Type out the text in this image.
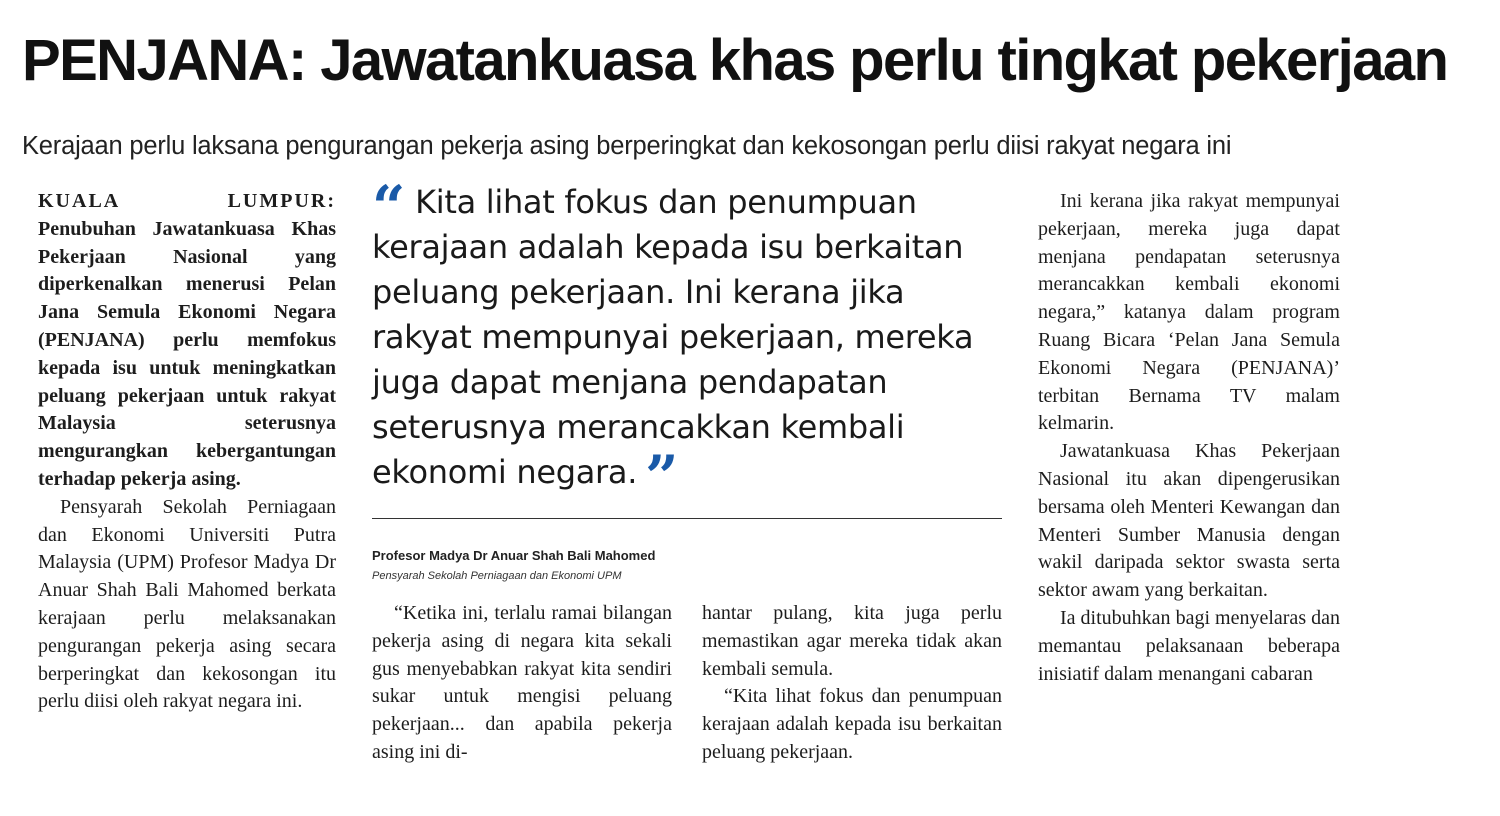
PENJANA: Jawatankuasa khas perlu tingkat pekerjaan
Kerajaan perlu laksana pengurangan pekerja asing berperingkat dan kekosongan perlu diisi rakyat negara ini

KUALA LUMPUR: Penubuhan Jawatankuasa Khas Pekerjaan Nasional yang diperkenalkan menerusi Pelan Jana Semula Ekonomi Negara (PENJANA) perlu memfokus kepada isu untuk meningkatkan peluang pekerjaan untuk rakyat Malaysia seterusnya mengurangkan kebergantungan terhadap pekerja asing.

Pensyarah Sekolah Perniagaan dan Ekonomi Universiti Putra Malaysia (UPM) Profesor Madya Dr Anuar Shah Bali Mahomed berkata kerajaan perlu melaksanakan pengurangan pekerja asing secara berperingkat dan kekosongan itu perlu diisi oleh rakyat negara ini.

“ Kita lihat fokus dan penumpuan kerajaan adalah kepada isu berkaitan peluang pekerjaan. Ini kerana jika rakyat mempunyai pekerjaan, mereka juga dapat menjana pendapatan seterusnya merancakkan kembali ekonomi negara. ”
Profesor Madya Dr Anuar Shah Bali Mahomed
Pensyarah Sekolah Perniagaan dan Ekonomi UPM

“Ketika ini, terlalu ramai bilangan pekerja asing di negara kita sekali gus menyebabkan rakyat kita sendiri sukar untuk mengisi peluang pekerjaan... dan apabila pekerja asing ini di-

hantar pulang, kita juga perlu memastikan agar mereka tidak akan kembali semula.

“Kita lihat fokus dan penumpuan kerajaan adalah kepada isu berkaitan peluang pekerjaan.

Ini kerana jika rakyat mempunyai pekerjaan, mereka juga dapat menjana pendapatan seterusnya merancakkan kembali ekonomi negara,” katanya dalam program Ruang Bicara ‘Pelan Jana Semula Ekonomi Negara (PENJANA)’ terbitan Bernama TV malam kelmarin.

Jawatankuasa Khas Pekerjaan Nasional itu akan dipengerusikan bersama oleh Menteri Kewangan dan Menteri Sumber Manusia dengan wakil daripada sektor swasta serta sektor awam yang berkaitan.

Ia ditubuhkan bagi menyelaras dan memantau pelaksanaan beberapa inisiatif dalam menangani cabaran
